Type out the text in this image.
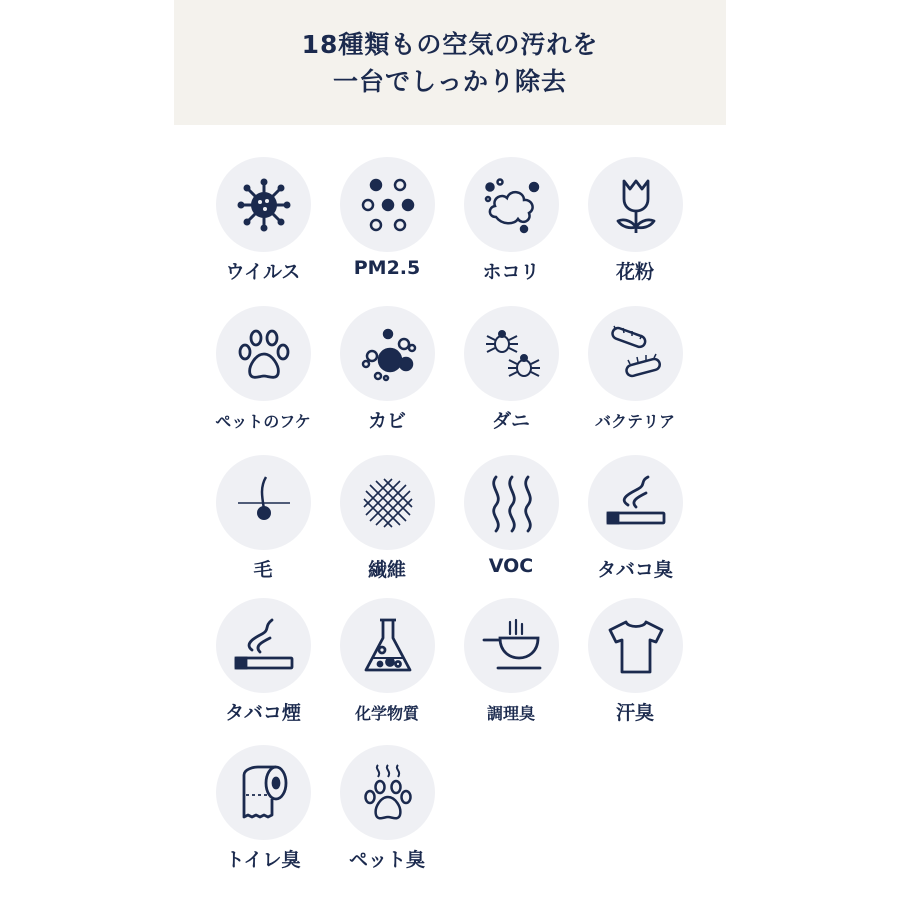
18種類もの空気の汚れを
一台でしっかり除去
ウイルス	PM2.5	ホコリ	花粉
ペットのフケ	カビ	ダニ	バクテリア
毛	繊維	VOC	タバコ臭
タバコ煙	化学物質	調理臭	汗臭
トイレ臭	ペット臭
